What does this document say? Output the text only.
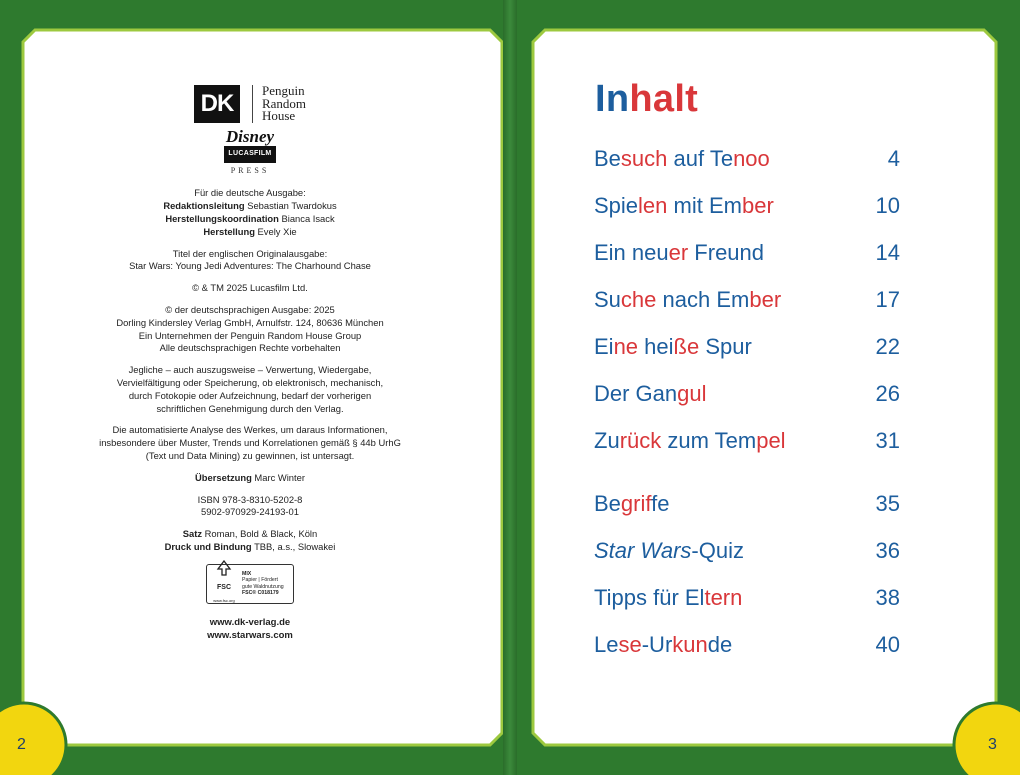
DK	Penguin
Random
House
Disney
LUCASFILM
PRESS

Für die deutsche Ausgabe:
Redaktionsleitung Sebastian Twardokus
Herstellungskoordination Bianca Isack
Herstellung Evely Xie

Titel der englischen Originalausgabe:
Star Wars: Young Jedi Adventures: The Charhound Chase

© & TM 2025 Lucasfilm Ltd.

© der deutschsprachigen Ausgabe: 2025
Dorling Kindersley Verlag GmbH, Arnulfstr. 124, 80636 München
Ein Unternehmen der Penguin Random House Group
Alle deutschsprachigen Rechte vorbehalten

Jegliche – auch auszugsweise – Verwertung, Wiedergabe,
Vervielfältigung oder Speicherung, ob elektronisch, mechanisch,
durch Fotokopie oder Aufzeichnung, bedarf der vorherigen
schriftlichen Genehmigung durch den Verlag.

Die automatisierte Analyse des Werkes, um daraus Informationen,
insbesondere über Muster, Trends und Korrelationen gemäß § 44b UrhG
(Text und Data Mining) zu gewinnen, ist untersagt.

Übersetzung Marc Winter

ISBN 978-3-8310-5202-8
5902-970929-24193-01

Satz Roman, Bold & Black, Köln
Druck und Bindung TBB, a.s., Slowakei

FSC
www.fsc.org
MIX
Papier | Fördert
gute Waldnutzung
FSC® C018179
www.dk-verlag.de
www.starwars.com
2
Inhalt
Besuch auf Tenoo	4
Spielen mit Ember	10
Ein neuer Freund	14
Suche nach Ember	17
Eine heiße Spur	22
Der Gangul	26
Zurück zum Tempel	31
Begriffe	35
Star Wars-Quiz	36
Tipps für Eltern	38
Lese-Urkunde	40
3
